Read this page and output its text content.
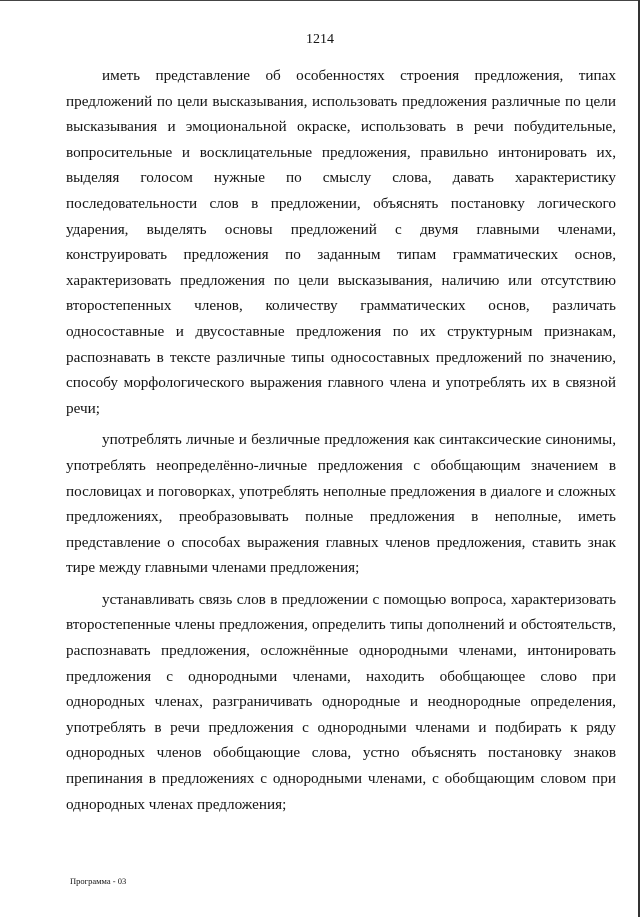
1214

иметь представление об особенностях строения предложения, типах предложений по цели высказывания, использовать предложения различные по цели высказывания и эмоциональной окраске, использовать в речи побудительные, вопросительные и восклицательные предложения, правильно интонировать их, выделяя голосом нужные по смыслу слова, давать характеристику последовательности слов в предложении, объяснять постановку логического ударения, выделять основы предложений с двумя главными членами, конструировать предложения по заданным типам грамматических основ, характеризовать предложения по цели высказывания, наличию или отсутствию второстепенных членов, количеству грамматических основ, различать односоставные и двусоставные предложения по их структурным признакам, распознавать в тексте различные типы односоставных предложений по значению, способу морфологического выражения главного члена и употреблять их в связной речи;

употреблять личные и безличные предложения как синтаксические синонимы, употреблять неопределённо-личные предложения с обобщающим значением в пословицах и поговорках, употреблять неполные предложения в диалоге и сложных предложениях, преобразовывать полные предложения в неполные, иметь представление о способах выражения главных членов предложения, ставить знак тире между главными членами предложения;

устанавливать связь слов в предложении с помощью вопроса, характеризовать второстепенные члены предложения, определить типы дополнений и обстоятельств, распознавать предложения, осложнённые однородными членами, интонировать предложения с однородными членами, находить обобщающее слово при однородных членах, разграничивать однородные и неоднородные определения, употреблять в речи предложения с однородными членами и подбирать к ряду однородных членов обобщающие слова, устно объяснять постановку знаков препинания в предложениях с однородными членами, с обобщающим словом при однородных членах предложения;

Программа - 03
